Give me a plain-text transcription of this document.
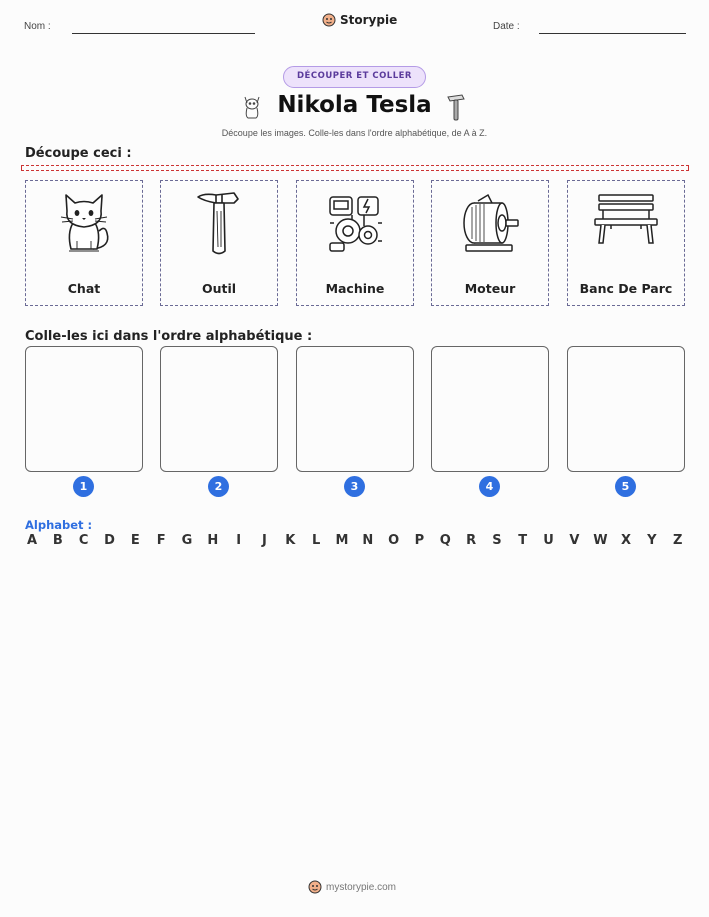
Nom :	Storypie	Date :
DÉCOUPER ET COLLER
Nikola Tesla
Découpe les images. Colle-les dans l'ordre alphabétique, de A à Z.
Découpe ceci :
Chat	Outil	Machine	Moteur	Banc De Parc
Colle-les ici dans l'ordre alphabétique :
1	2	3	4	5
Alphabet :
A B C D E F G H	I	J	K L M N O P Q R S T U V W X Y Z
mystorypie.com
